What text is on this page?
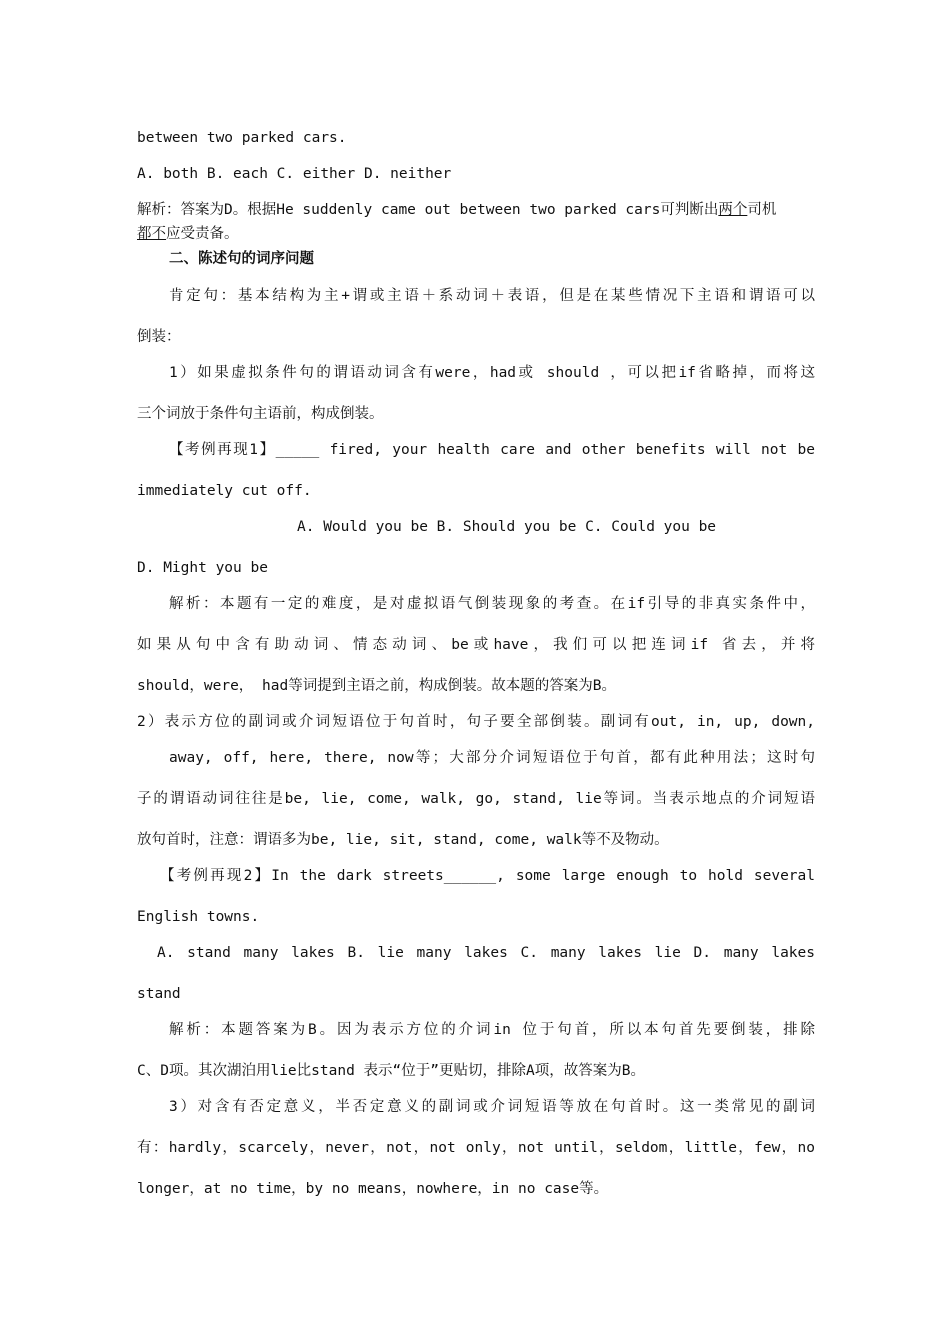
between two parked cars.
A. both B. each C. either D. neither
解析：答案为D。根据He suddenly came out between two parked cars可判断出两个司机
都不应受责备。
二、陈述句的词序问题
肯定句：基本结构为主+谓或主语＋系动词＋表语，但是在某些情况下主语和谓语可以
倒装：
1）如果虚拟条件句的谓语动词含有were，had或 should ，可以把if省略掉，而将这
三个词放于条件句主语前，构成倒装。
【考例再现1】_____ fired, your health care and other benefits will not be
immediately cut off.
A. Would you be B. Should you be C. Could you be
D. Might you be
解析：本题有一定的难度，是对虚拟语气倒装现象的考查。在if引导的非真实条件中，
如果从句中含有助动词、情态动词、be或have，我们可以把连词if 省去，并将
should，were， had等词提到主语之前，构成倒装。故本题的答案为B。
2）表示方位的副词或介词短语位于句首时，句子要全部倒装。副词有out, in, up, down,
away, off, here, there, now等；大部分介词短语位于句首，都有此种用法；这时句
子的谓语动词往往是be, lie, come, walk, go, stand, lie等词。当表示地点的介词短语
放句首时，注意：谓语多为be, lie, sit, stand, come, walk等不及物动。
【考例再现2】In the dark streets______, some large enough to hold several
English towns.
A. stand many lakes B. lie many lakes C. many lakes lie D. many lakes
stand
解析：本题答案为B。因为表示方位的介词in 位于句首，所以本句首先要倒装，排除
C、D项。其次湖泊用lie比stand 表示“位于”更贴切，排除A项，故答案为B。
3）对含有否定意义，半否定意义的副词或介词短语等放在句首时。这一类常见的副词
有：hardly，scarcely，never，not，not only，not until，seldom，little，few，no
longer，at no time，by no means，nowhere，in no case等。
